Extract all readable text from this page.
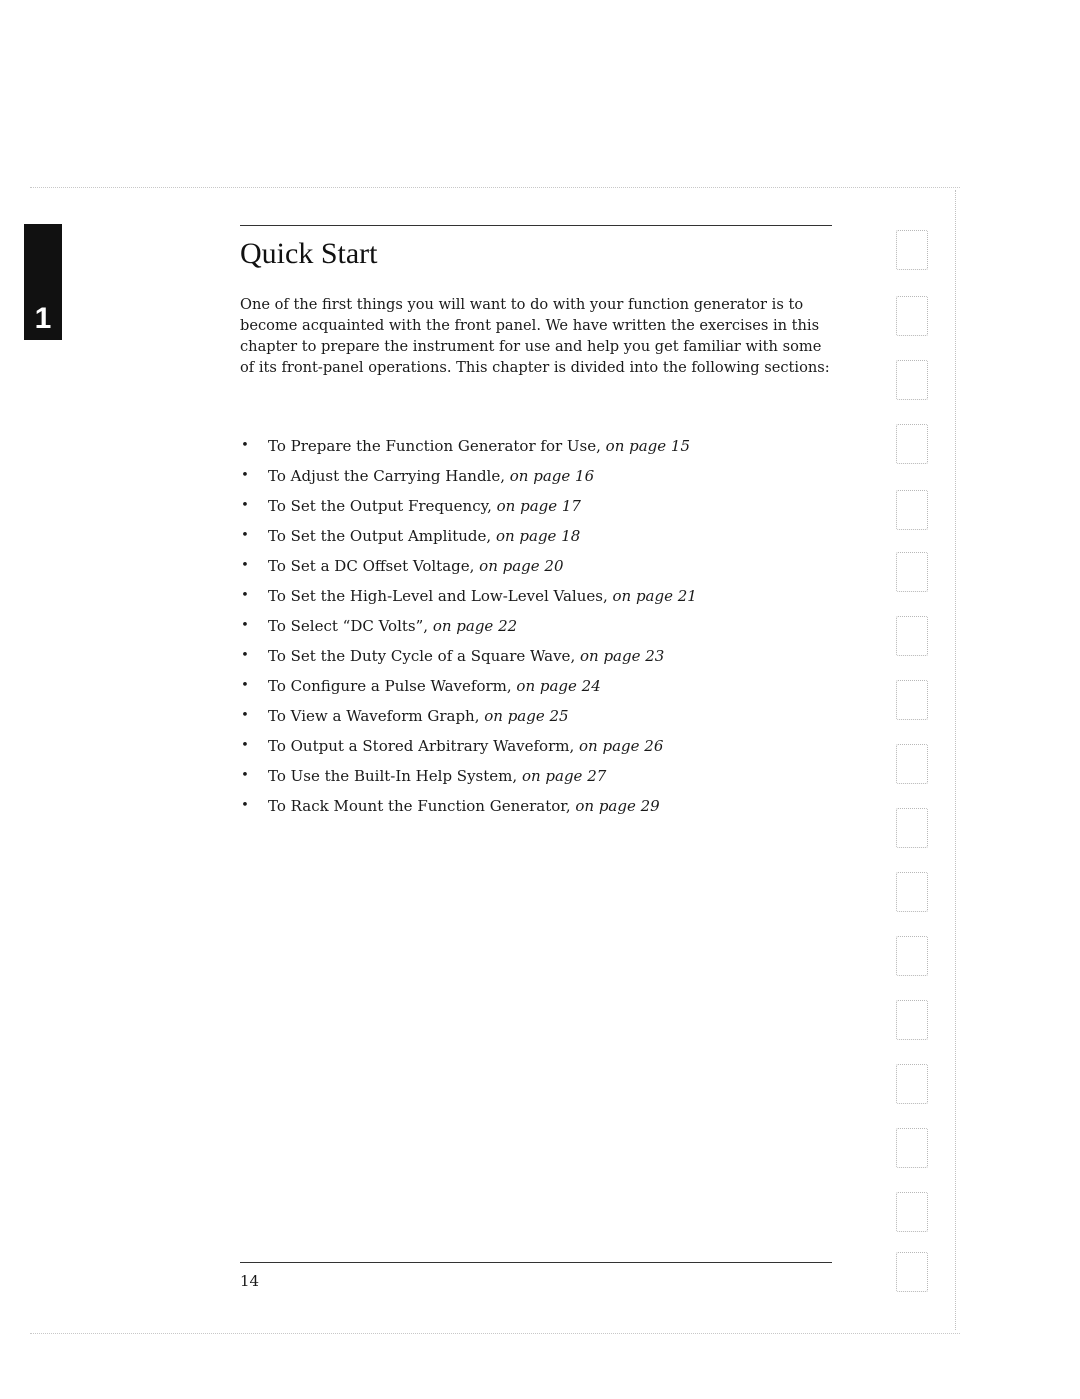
1
Quick Start

One of the first things you will want to do with your function generator is to become acquainted with the front panel. We have written the exercises in this chapter to prepare the instrument for use and help you get familiar with some of its front-panel operations. This chapter is divided into the following sections:

• To Prepare the Function Generator for Use, on page 15
• To Adjust the Carrying Handle, on page 16
• To Set the Output Frequency, on page 17
• To Set the Output Amplitude, on page 18
• To Set a DC Offset Voltage, on page 20
• To Set the High-Level and Low-Level Values, on page 21
• To Select “DC Volts”, on page 22
• To Set the Duty Cycle of a Square Wave, on page 23
• To Configure a Pulse Waveform, on page 24
• To View a Waveform Graph, on page 25
• To Output a Stored Arbitrary Waveform, on page 26
• To Use the Built-In Help System, on page 27
• To Rack Mount the Function Generator, on page 29
14
